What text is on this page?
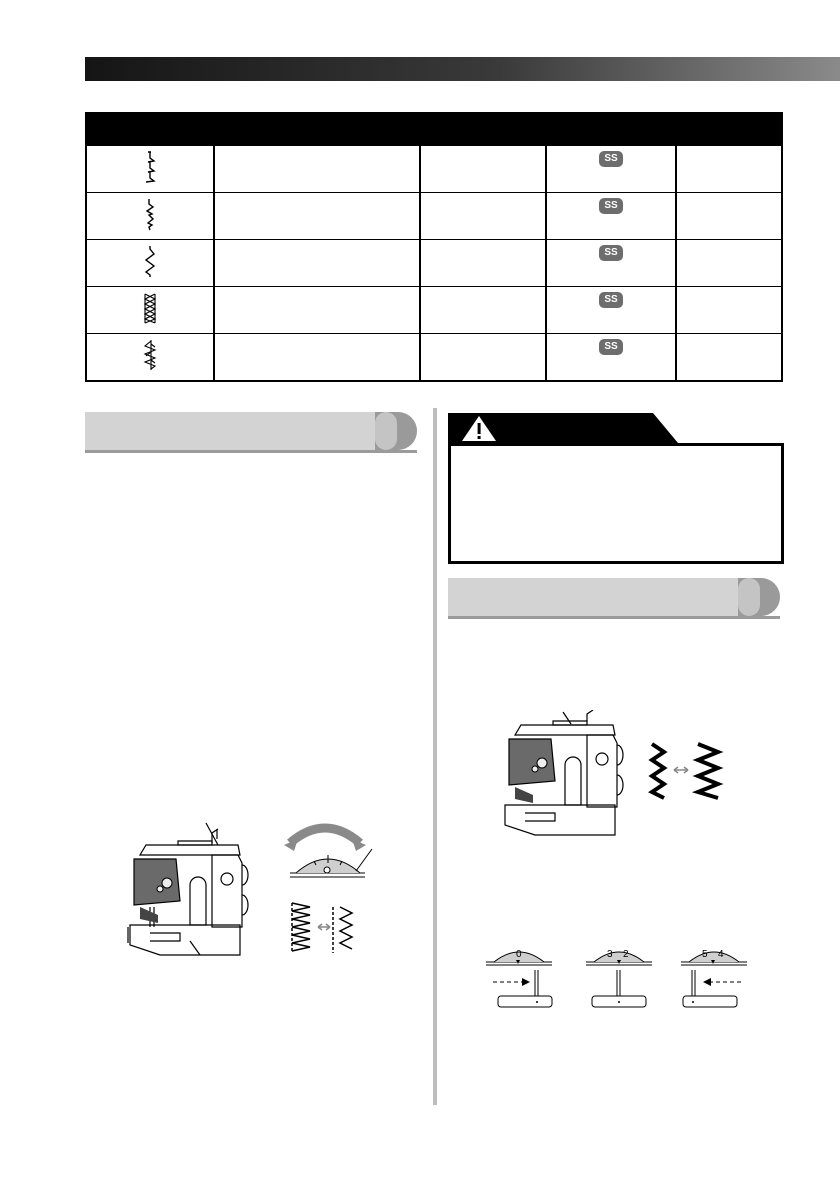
			SS	
			SS	
			SS	
			SS	
			SS	
0	3 2	5 4
